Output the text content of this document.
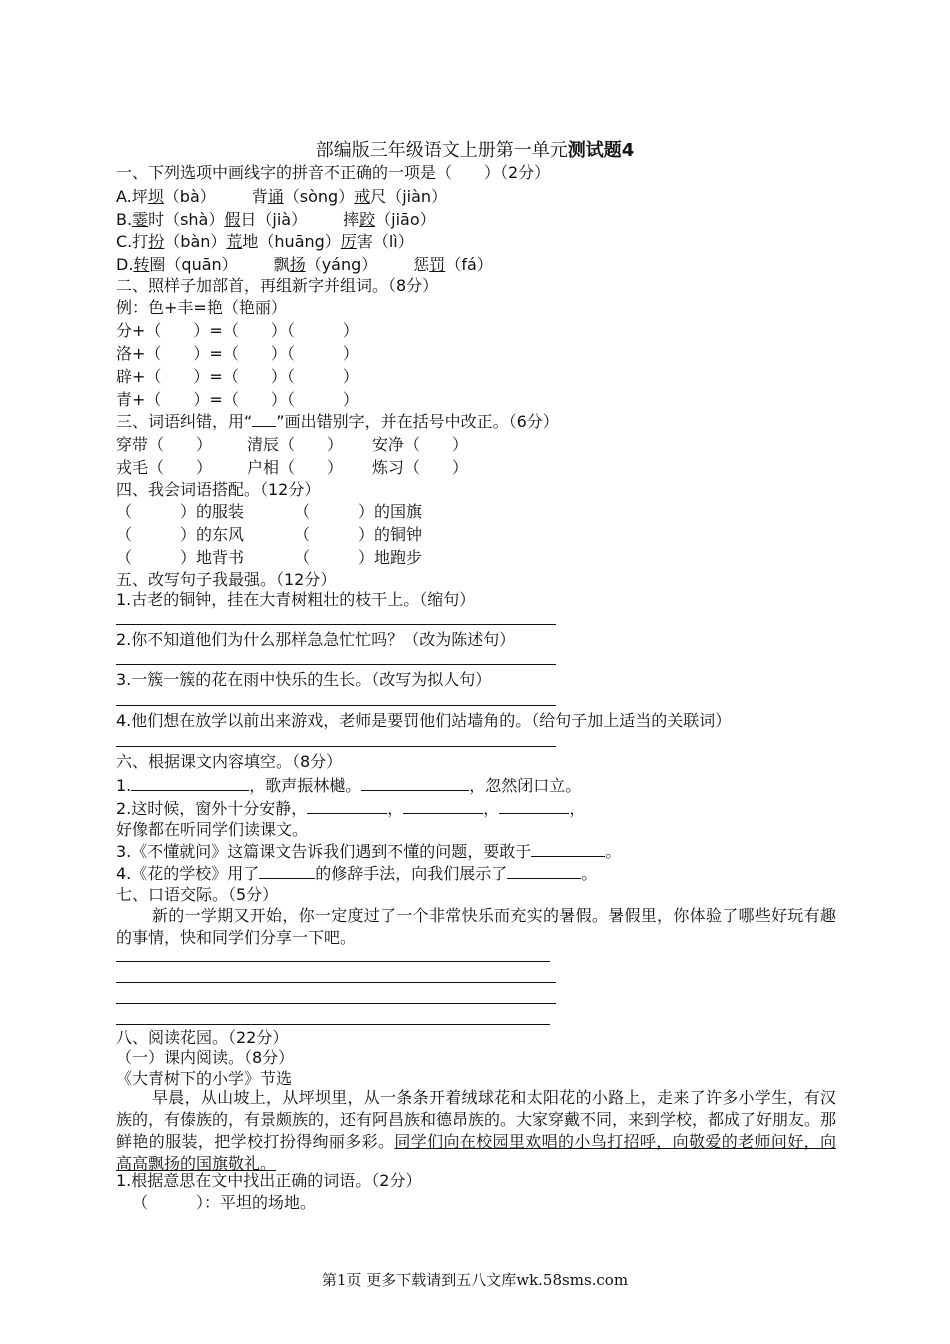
部编版三年级语文上册第一单元测试题4
一、下列选项中画线字的拼音不正确的一项是（　　）（2分）
A.坪坝（bà） 背诵（sòng）戒尺（jiàn）
B.霎时（shà）假日（jià） 摔跤（jiāo）
C.打扮（bàn）荒地（huāng）厉害（lì）
D.转圈（quān） 飘扬（yáng） 惩罚（fá）
二、照样子加部首，再组新字并组词。（8分）
例：色+丰=艳（艳丽）
分+（　　）=（　　）（　　　）
洛+（　　）=（　　）（　　　）
辟+（　　）=（　　）（　　　）
青+（　　）=（　　）（　　　）
三、词语纠错，用“ ”画出错别字，并在括号中改正。（6分）
穿带（　　） 清辰（　　） 安净（　　）
戎毛（　　） 户相（　　） 炼习（　　）
四、我会词语搭配。（12分）
（　　　）的服装	（　　　）的国旗
（　　　）的东风	（　　　）的铜钟
（　　　）地背书	（　　　）地跑步
五、改写句子我最强。（12分）
1.古老的铜钟，挂在大青树粗壮的枝干上。（缩句）
2.你不知道他们为什么那样急急忙忙吗？（改为陈述句）
3.一簇一簇的花在雨中快乐的生长。（改写为拟人句）
4.他们想在放学以前出来游戏，老师是要罚他们站墙角的。（给句子加上适当的关联词）
六、根据课文内容填空。（8分）
1.	，歌声振林樾。	，忽然闭口立。
2.这时候，窗外十分安静，	，	，	，
好像都在听同学们读课文。
3.《不懂就问》这篇课文告诉我们遇到不懂的问题，要敢于	。
4.《花的学校》用了	的修辞手法，向我们展示了	。
七、口语交际。（5分）
新的一学期又开始，你一定度过了一个非常快乐而充实的暑假。暑假里，你体验了哪些好玩有趣的事情，快和同学们分享一下吧。
八、阅读花园。（22分）
（一）课内阅读。（8分）
《大青树下的小学》节选
早晨，从山坡上，从坪坝里，从一条条开着绒球花和太阳花的小路上，走来了许多小学生，有汉族的，有傣族的，有景颇族的，还有阿昌族和德昂族的。大家穿戴不同，来到学校，都成了好朋友。那鲜艳的服装，把学校打扮得绚丽多彩。同学们向在校园里欢唱的小鸟打招呼，向敬爱的老师问好，向高高飘扬的国旗敬礼。
1.根据意思在文中找出正确的词语。（2分）
（　　　）：平坦的场地。
第1页 更多下载请到五八文库wk.58sms.com
